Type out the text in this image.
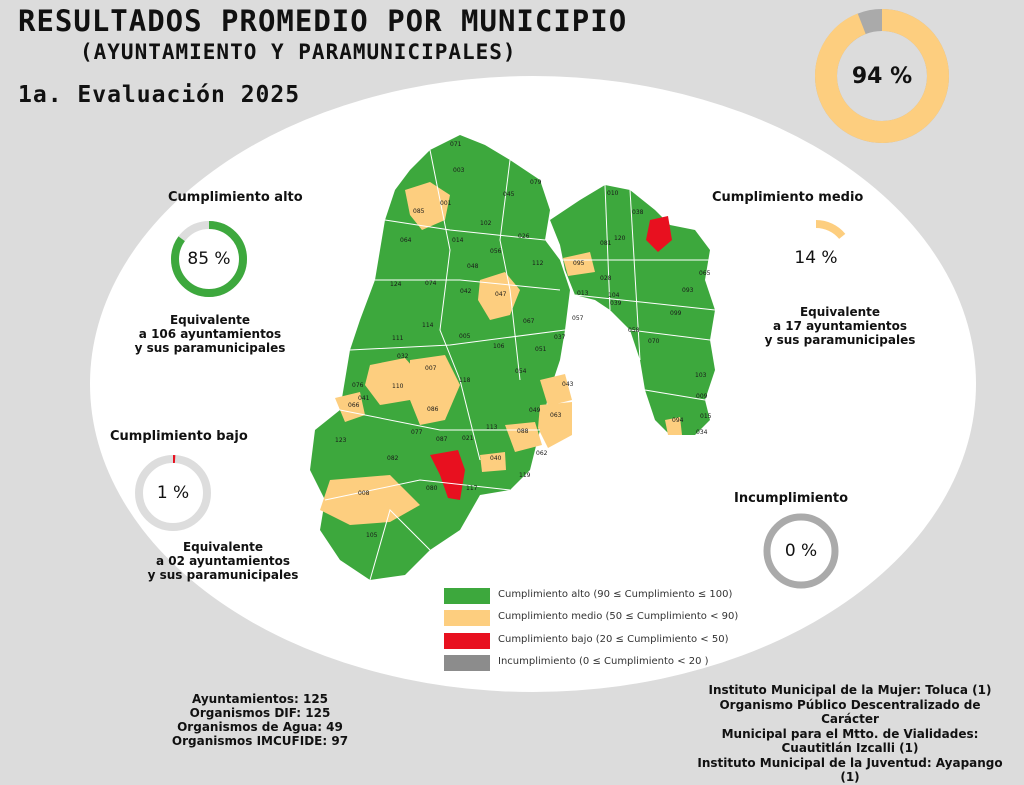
RESULTADOS PROMEDIO POR MUNICIPIO
(AYUNTAMIENTO Y PARAMUNICIPALES)
1a. Evaluación 2025
94 %
Cumplimiento alto
85 %
Equivalente
a 106 ayuntamientos
y sus paramunicipales
Cumplimiento medio
14 %
Equivalente
a 17 ayuntamientos
y sus paramunicipales
Cumplimiento bajo
1 %
Equivalente
a 02 ayuntamientos
y sus paramunicipales
Incumplimiento
0 %
071
003
079
045
001
085
102
026
064	014
056
112
124	074
048
047
042
067
114
111
032
005
106	051
007
110
076
041
066
086
118
054
043
049
063
123
077
087 021
113
088
082	040
119
062
008
080	117
105
010
038
120
095
081
013
037
057
028
039
058
070
099
065
093
103
015
009
094
034
104
Cumplimiento alto (90 ≤ Cumplimiento ≤ 100)
Cumplimiento medio (50 ≤ Cumplimiento < 90)
Cumplimiento bajo (20 ≤ Cumplimiento < 50)
Incumplimiento (0 ≤ Cumplimiento < 20 )
Ayuntamientos: 125
Organismos DIF: 125
Organismos de Agua: 49
Organismos IMCUFIDE: 97
Instituto Municipal de la Mujer: Toluca (1)
Organismo Público Descentralizado de Carácter
Municipal para el Mtto. de Vialidades:
Cuautitlán Izcalli (1)
Instituto Municipal de la Juventud: Ayapango (1)
